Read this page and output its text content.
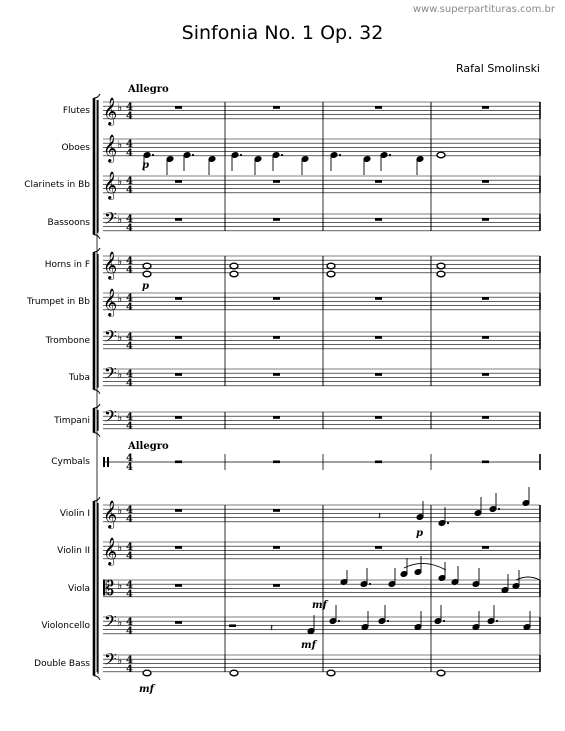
www.superpartituras.com.br
Sinfonia No. 1 Op. 32
Rafal Smolinski
Flutes
Oboes
Clarinets in Bb
Bassoons
Horns in F
Trumpet in Bb
Trombone
Tuba
Timpani
Cymbals
Violin I
Violin II
Viola
Violoncello
Double Bass
𝄞 ♭ 4
4
𝄞 ♭ 4
4
𝄞 ♭ 4
4
𝄢 ♭ 4
4
𝄞 ♭ 4
4
𝄞 ♭ 4
4
𝄢 ♭ 4
4
𝄢 ♭ 4
4
𝄢 ♭ 4
4
4
4
𝄞 ♭ 4
4
𝄞 ♭ 4
4
𝄡 ♭ 4
4
𝄢 ♭ 4
4
𝄢 ♭ 4
4
𝄽
𝄽
Allegro
Allegro
p
p
p
mf
mf
mf
